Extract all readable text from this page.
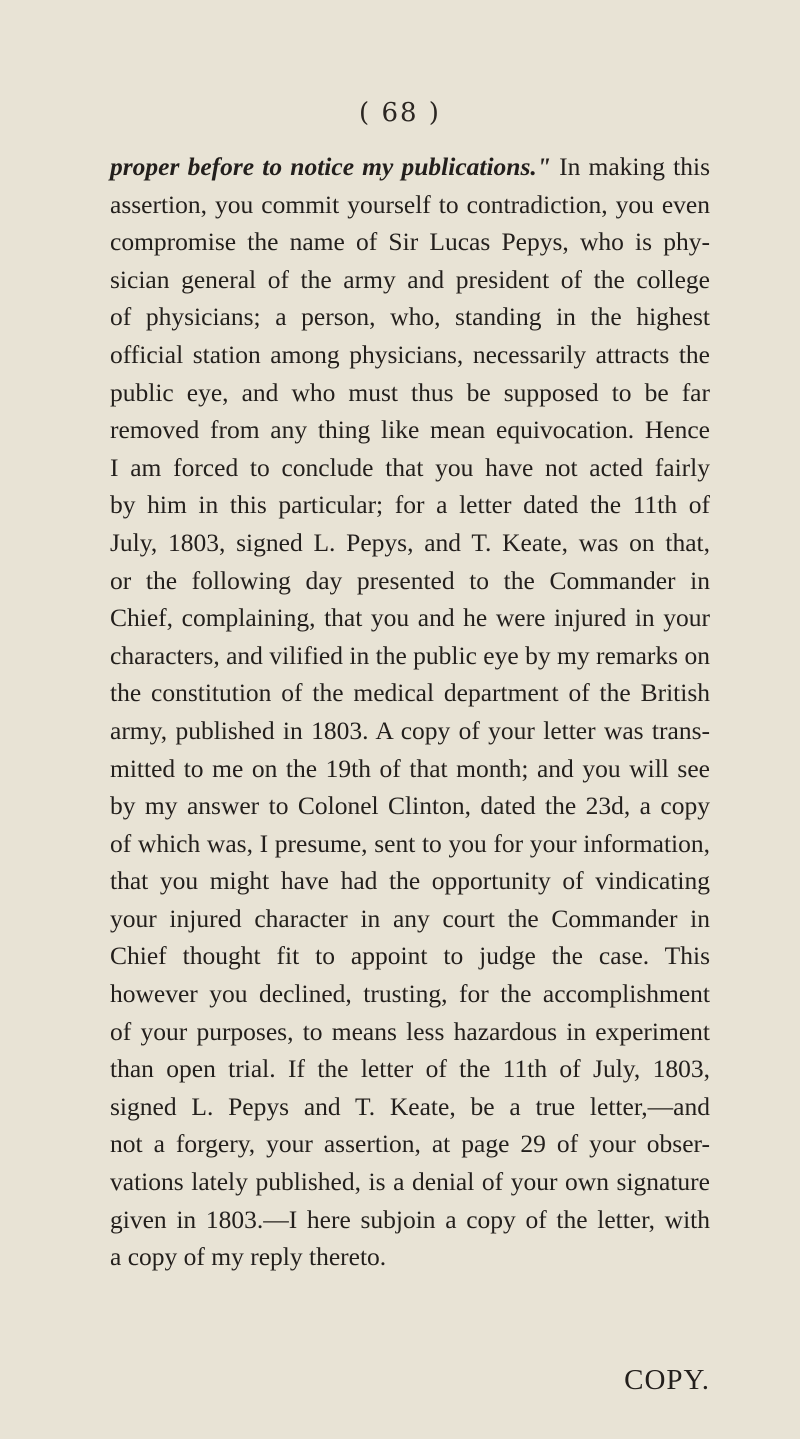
( 68 )
proper before to notice my publications." In making this
assertion, you commit yourself to contradiction, you even
compromise the name of Sir Lucas Pepys, who is phy-
sician general of the army and president of the college
of physicians; a person, who, standing in the highest
official station among physicians, necessarily attracts the
public eye, and who must thus be supposed to be far
removed from any thing like mean equivocation. Hence
I am forced to conclude that you have not acted fairly
by him in this particular; for a letter dated the 11th of
July, 1803, signed L. Pepys, and T. Keate, was on that,
or the following day presented to the Commander in
Chief, complaining, that you and he were injured in your
characters, and vilified in the public eye by my remarks on
the constitution of the medical department of the British
army, published in 1803. A copy of your letter was trans-
mitted to me on the 19th of that month; and you will see
by my answer to Colonel Clinton, dated the 23d, a copy
of which was, I presume, sent to you for your information,
that you might have had the opportunity of vindicating
your injured character in any court the Commander in
Chief thought fit to appoint to judge the case. This
however you declined, trusting, for the accomplishment
of your purposes, to means less hazardous in experiment
than open trial. If the letter of the 11th of July, 1803,
signed L. Pepys and T. Keate, be a true letter,—and
not a forgery, your assertion, at page 29 of your obser-
vations lately published, is a denial of your own signature
given in 1803.—I here subjoin a copy of the letter, with
a copy of my reply thereto.
COPY.
